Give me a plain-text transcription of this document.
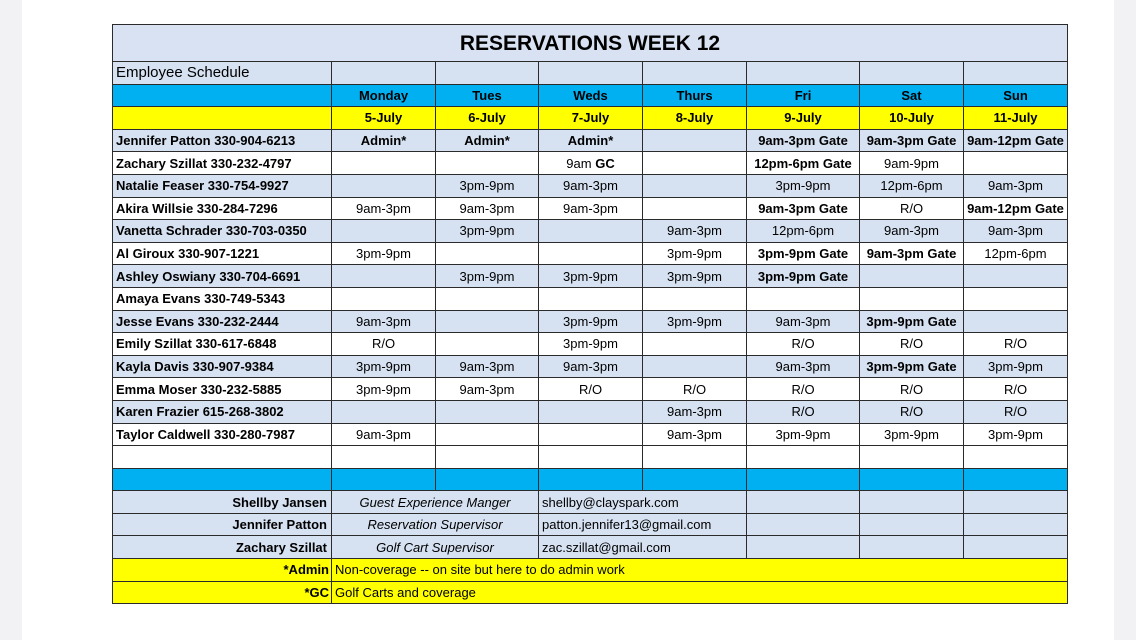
RESERVATIONS WEEK 12							
Employee Schedule							
	Monday	Tues	Weds	Thurs	Fri	Sat	Sun
	5-July	6-July	7-July	8-July	9-July	10-July	11-July
Jennifer Patton 330-904-6213	Admin*	Admin*	Admin*		9am-3pm Gate	9am-3pm Gate	9am-12pm Gate
Zachary Szillat 330-232-4797			9am GC		12pm-6pm Gate	9am-9pm	
Natalie Feaser 330-754-9927		3pm-9pm	9am-3pm		3pm-9pm	12pm-6pm	9am-3pm
Akira Willsie 330-284-7296	9am-3pm	9am-3pm	9am-3pm		9am-3pm Gate	R/O	9am-12pm Gate
Vanetta Schrader 330-703-0350		3pm-9pm		9am-3pm	12pm-6pm	9am-3pm	9am-3pm
Al Giroux 330-907-1221	3pm-9pm			3pm-9pm	3pm-9pm Gate	9am-3pm Gate	12pm-6pm
Ashley Oswiany 330-704-6691		3pm-9pm	3pm-9pm	3pm-9pm	3pm-9pm Gate		
Amaya Evans 330-749-5343							
Jesse Evans 330-232-2444	9am-3pm		3pm-9pm	3pm-9pm	9am-3pm	3pm-9pm Gate	
Emily Szillat 330-617-6848	R/O		3pm-9pm		R/O	R/O	R/O
Kayla Davis 330-907-9384	3pm-9pm	9am-3pm	9am-3pm		9am-3pm	3pm-9pm Gate	3pm-9pm
Emma Moser 330-232-5885	3pm-9pm	9am-3pm	R/O	R/O	R/O	R/O	R/O
Karen Frazier 615-268-3802				9am-3pm	R/O	R/O	R/O
Taylor Caldwell 330-280-7987	9am-3pm			9am-3pm	3pm-9pm	3pm-9pm	3pm-9pm

Shellby Jansen	Guest Experience Manger		shellby@clayspark.com				
Jennifer Patton	Reservation Supervisor		patton.jennifer13@gmail.com				
Zachary Szillat	Golf Cart Supervisor		zac.szillat@gmail.com				
*Admin	Non-coverage -- on site but here to do admin work						
*GC	Golf Carts and coverage						
